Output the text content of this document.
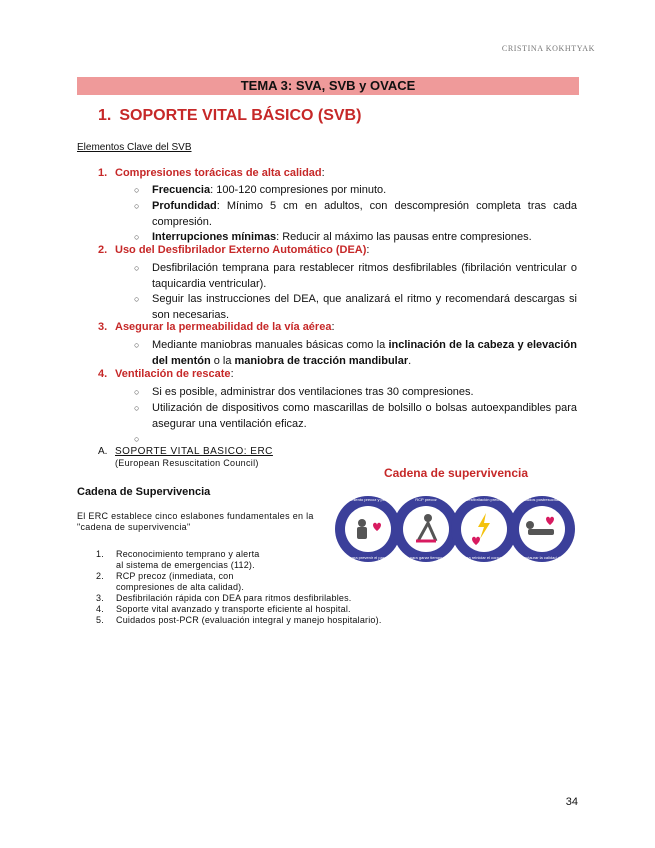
CRISTINA KOKHTYAK
TEMA 3: SVA, SVB y OVACE
1. SOPORTE VITAL BÁSICO (SVB)
Elementos Clave del SVB
1. Compresiones torácicas de alta calidad:
○ Frecuencia: 100-120 compresiones por minuto.
○ Profundidad: Mínimo 5 cm en adultos, con descompresión completa tras cada compresión.
○ Interrupciones mínimas: Reducir al máximo las pausas entre compresiones.
2. Uso del Desfibrilador Externo Automático (DEA):
○ Desfibrilación temprana para restablecer ritmos desfibrilables (fibrilación ventricular o taquicardia ventricular).
○ Seguir las instrucciones del DEA, que analizará el ritmo y recomendará descargas si son necesarias.
3. Asegurar la permeabilidad de la vía aérea:
○ Mediante maniobras manuales básicas como la inclinación de la cabeza y elevación del mentón o la maniobra de tracción mandibular.
4. Ventilación de rescate:
○ Si es posible, administrar dos ventilaciones tras 30 compresiones.
○ Utilización de dispositivos como mascarillas de bolsillo o bolsas autoexpandibles para asegurar una ventilación eficaz.
○
A. SOPORTE VITAL BASICO: ERC
(European Resuscitation Council)
Cadena de Supervivencia
El ERC establece cinco eslabones fundamentales en la "cadena de supervivencia"
1. Reconocimiento temprano y alerta
al sistema de emergencias (112).
2. RCP precoz (inmediata, con
compresiones de alta calidad).
3. Desfibrilación rápida con DEA para ritmos desfibrilables.
4. Soporte vital avanzado y transporte eficiente al hospital.
5. Cuidados post-PCR (evaluación integral y manejo hospitalario).
Cadena de supervivencia
Reconocimiento precoz y pedir ayuda
para prevenir el paro
RCP precoz
para ganar tiempo
Desfibrilación precoz
para reiniciar el corazón
Cuidados postresucitación
para restaurar la calidad de vida
34
